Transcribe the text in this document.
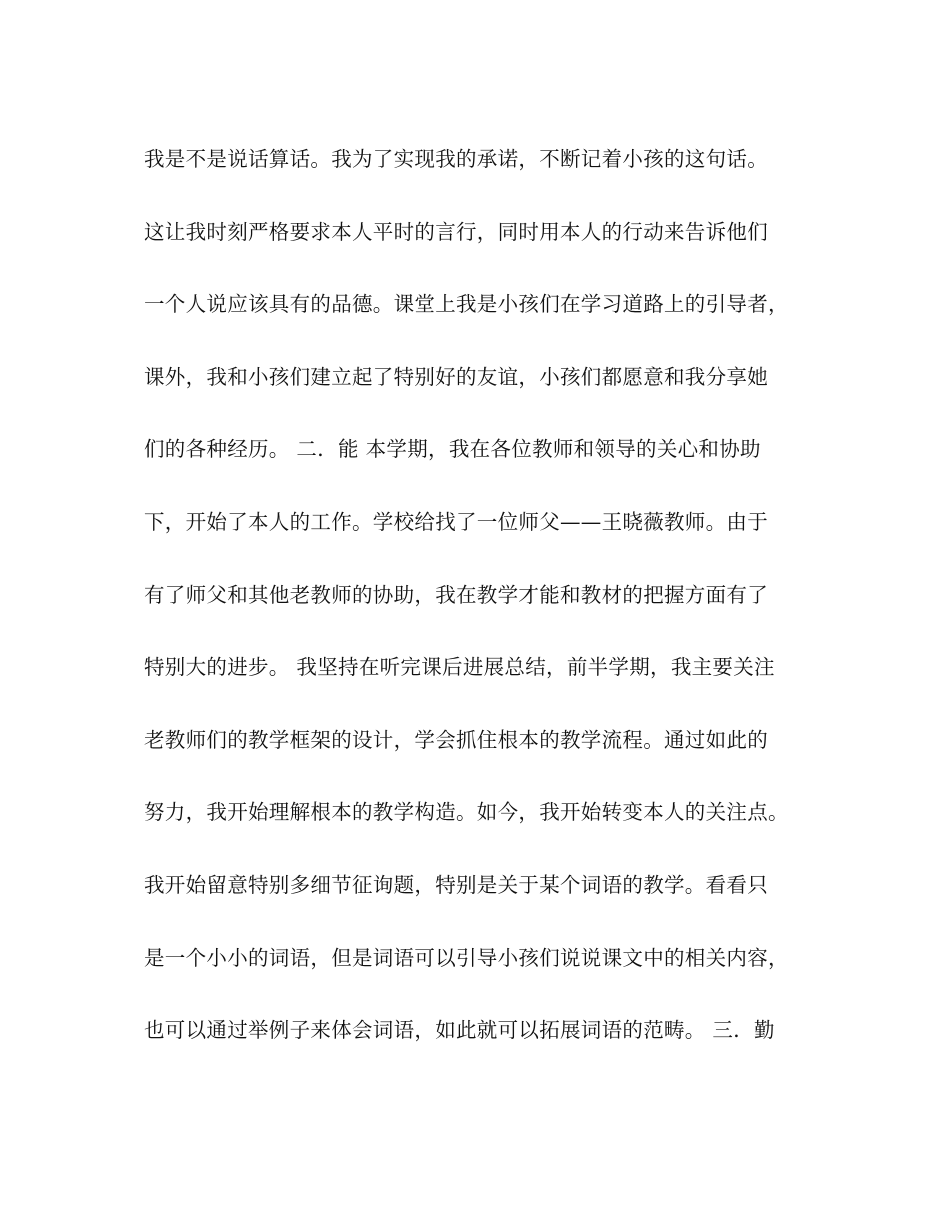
我是不是说话算话。我为了实现我的承诺，不断记着小孩的这句话。
这让我时刻严格要求本人平时的言行，同时用本人的行动来告诉他们
一个人说应该具有的品德。课堂上我是小孩们在学习道路上的引导者，
课外，我和小孩们建立起了特别好的友谊，小孩们都愿意和我分享她
们的各种经历。 二．能 本学期，我在各位教师和领导的关心和协助
下，开始了本人的工作。学校给找了一位师父——王晓薇教师。由于
有了师父和其他老教师的协助，我在教学才能和教材的把握方面有了
特别大的进步。 我坚持在听完课后进展总结，前半学期，我主要关注
老教师们的教学框架的设计，学会抓住根本的教学流程。通过如此的
努力，我开始理解根本的教学构造。如今，我开始转变本人的关注点。
我开始留意特别多细节征询题，特别是关于某个词语的教学。看看只
是一个小小的词语，但是词语可以引导小孩们说说课文中的相关内容，
也可以通过举例子来体会词语，如此就可以拓展词语的范畴。 三．勤
